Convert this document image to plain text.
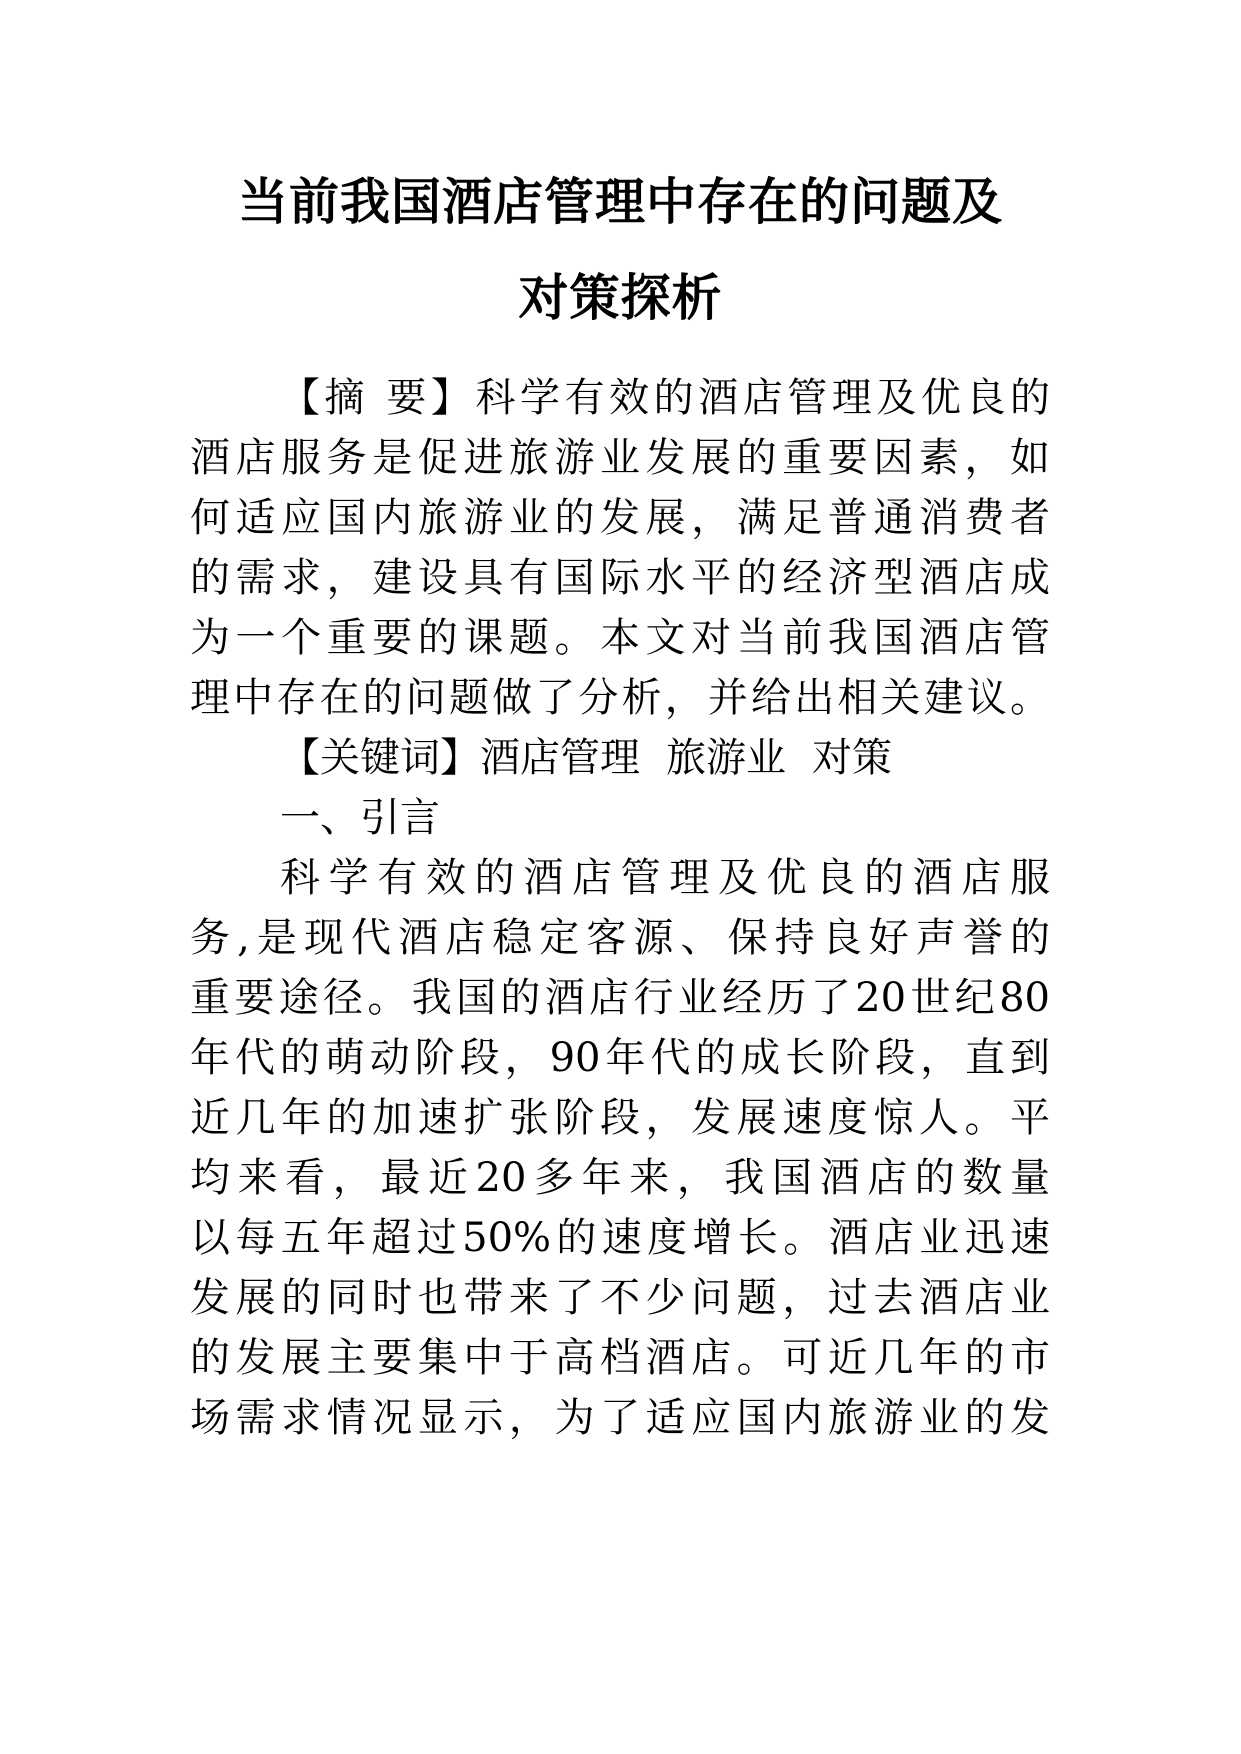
当前我国酒店管理中存在的问题及
对策探析
【摘 要】科学有效的酒店管理及优良的
酒店服务是促进旅游业发展的重要因素，如
何适应国内旅游业的发展，满足普通消费者
的需求，建设具有国际水平的经济型酒店成
为一个重要的课题。本文对当前我国酒店管
理中存在的问题做了分析，并给出相关建议。
【关键词】酒店管理 旅游业 对策
一、引言
科学有效的酒店管理及优良的酒店服
务,是现代酒店稳定客源、保持良好声誉的
重要途径。我国的酒店行业经历了20世纪80
年代的萌动阶段，90年代的成长阶段，直到
近几年的加速扩张阶段，发展速度惊人。平
均来看，最近20多年来，我国酒店的数量
以每五年超过50%的速度增长。酒店业迅速
发展的同时也带来了不少问题，过去酒店业
的发展主要集中于高档酒店。可近几年的市
场需求情况显示，为了适应国内旅游业的发
